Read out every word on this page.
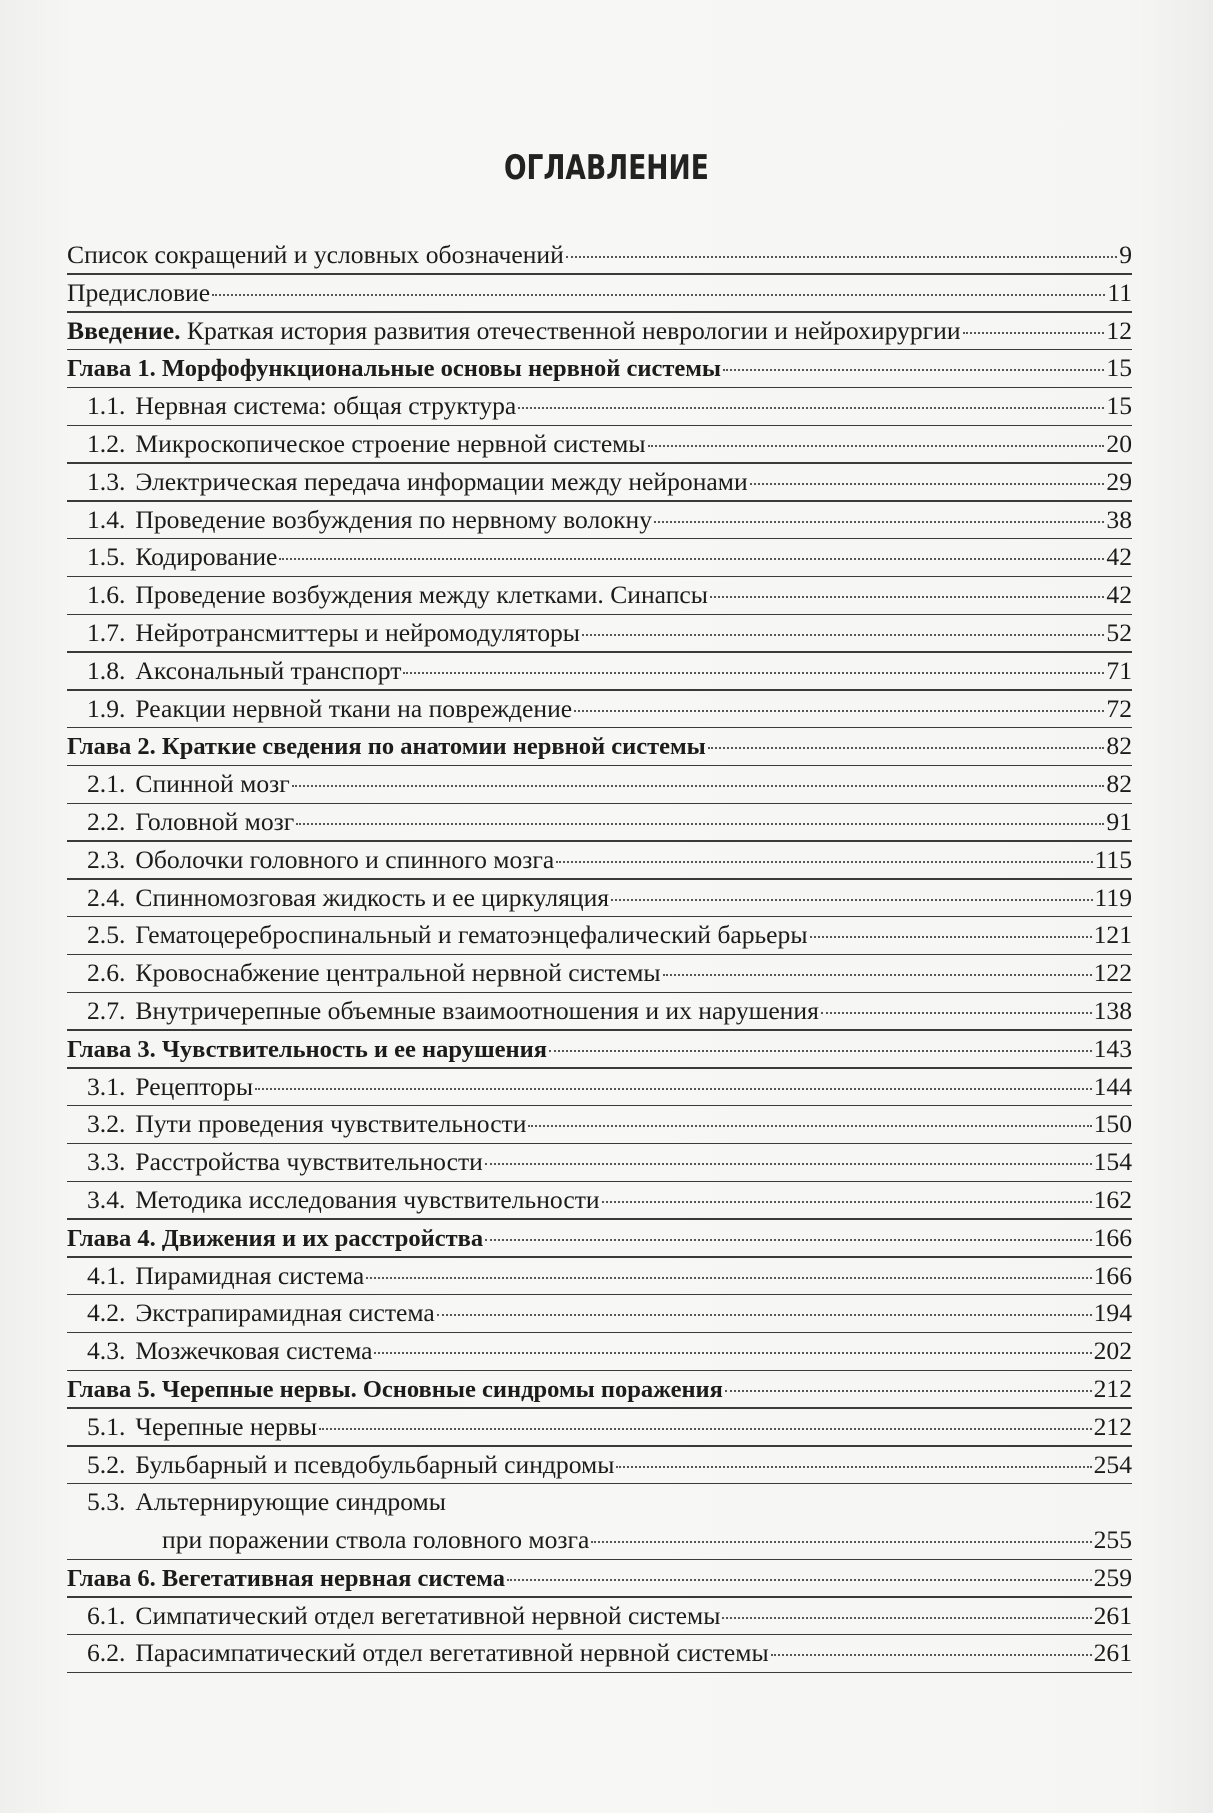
ОГЛАВЛЕНИЕ
Список сокращений и условных обозначений	9
Предисловие	11
Введение. Краткая история развития отечественной неврологии и нейрохирургии	12
Глава 1. Морфофункциональные основы нервной системы	15
1.1. Нервная система: общая структура	15
1.2. Микроскопическое строение нервной системы	20
1.3. Электрическая передача информации между нейронами	29
1.4. Проведение возбуждения по нервному волокну	38
1.5. Кодирование	42
1.6. Проведение возбуждения между клетками. Синапсы	42
1.7. Нейротрансмиттеры и нейромодуляторы	52
1.8. Аксональный транспорт	71
1.9. Реакции нервной ткани на повреждение	72
Глава 2. Краткие сведения по анатомии нервной системы	82
2.1. Спинной мозг	82
2.2. Головной мозг	91
2.3. Оболочки головного и спинного мозга	115
2.4. Спинномозговая жидкость и ее циркуляция	119
2.5. Гематоцереброспинальный и гематоэнцефалический барьеры	121
2.6. Кровоснабжение центральной нервной системы	122
2.7. Внутричерепные объемные взаимоотношения и их нарушения	138
Глава 3. Чувствительность и ее нарушения	143
3.1. Рецепторы	144
3.2. Пути проведения чувствительности	150
3.3. Расстройства чувствительности	154
3.4. Методика исследования чувствительности	162
Глава 4. Движения и их расстройства	166
4.1. Пирамидная система	166
4.2. Экстрапирамидная система	194
4.3. Мозжечковая система	202
Глава 5. Черепные нервы. Основные синдромы поражения	212
5.1. Черепные нервы	212
5.2. Бульбарный и псевдобульбарный синдромы	254
5.3. Альтернирующие синдромы
при поражении ствола головного мозга	255
Глава 6. Вегетативная нервная система	259
6.1. Симпатический отдел вегетативной нервной системы	261
6.2. Парасимпатический отдел вегетативной нервной системы	261
